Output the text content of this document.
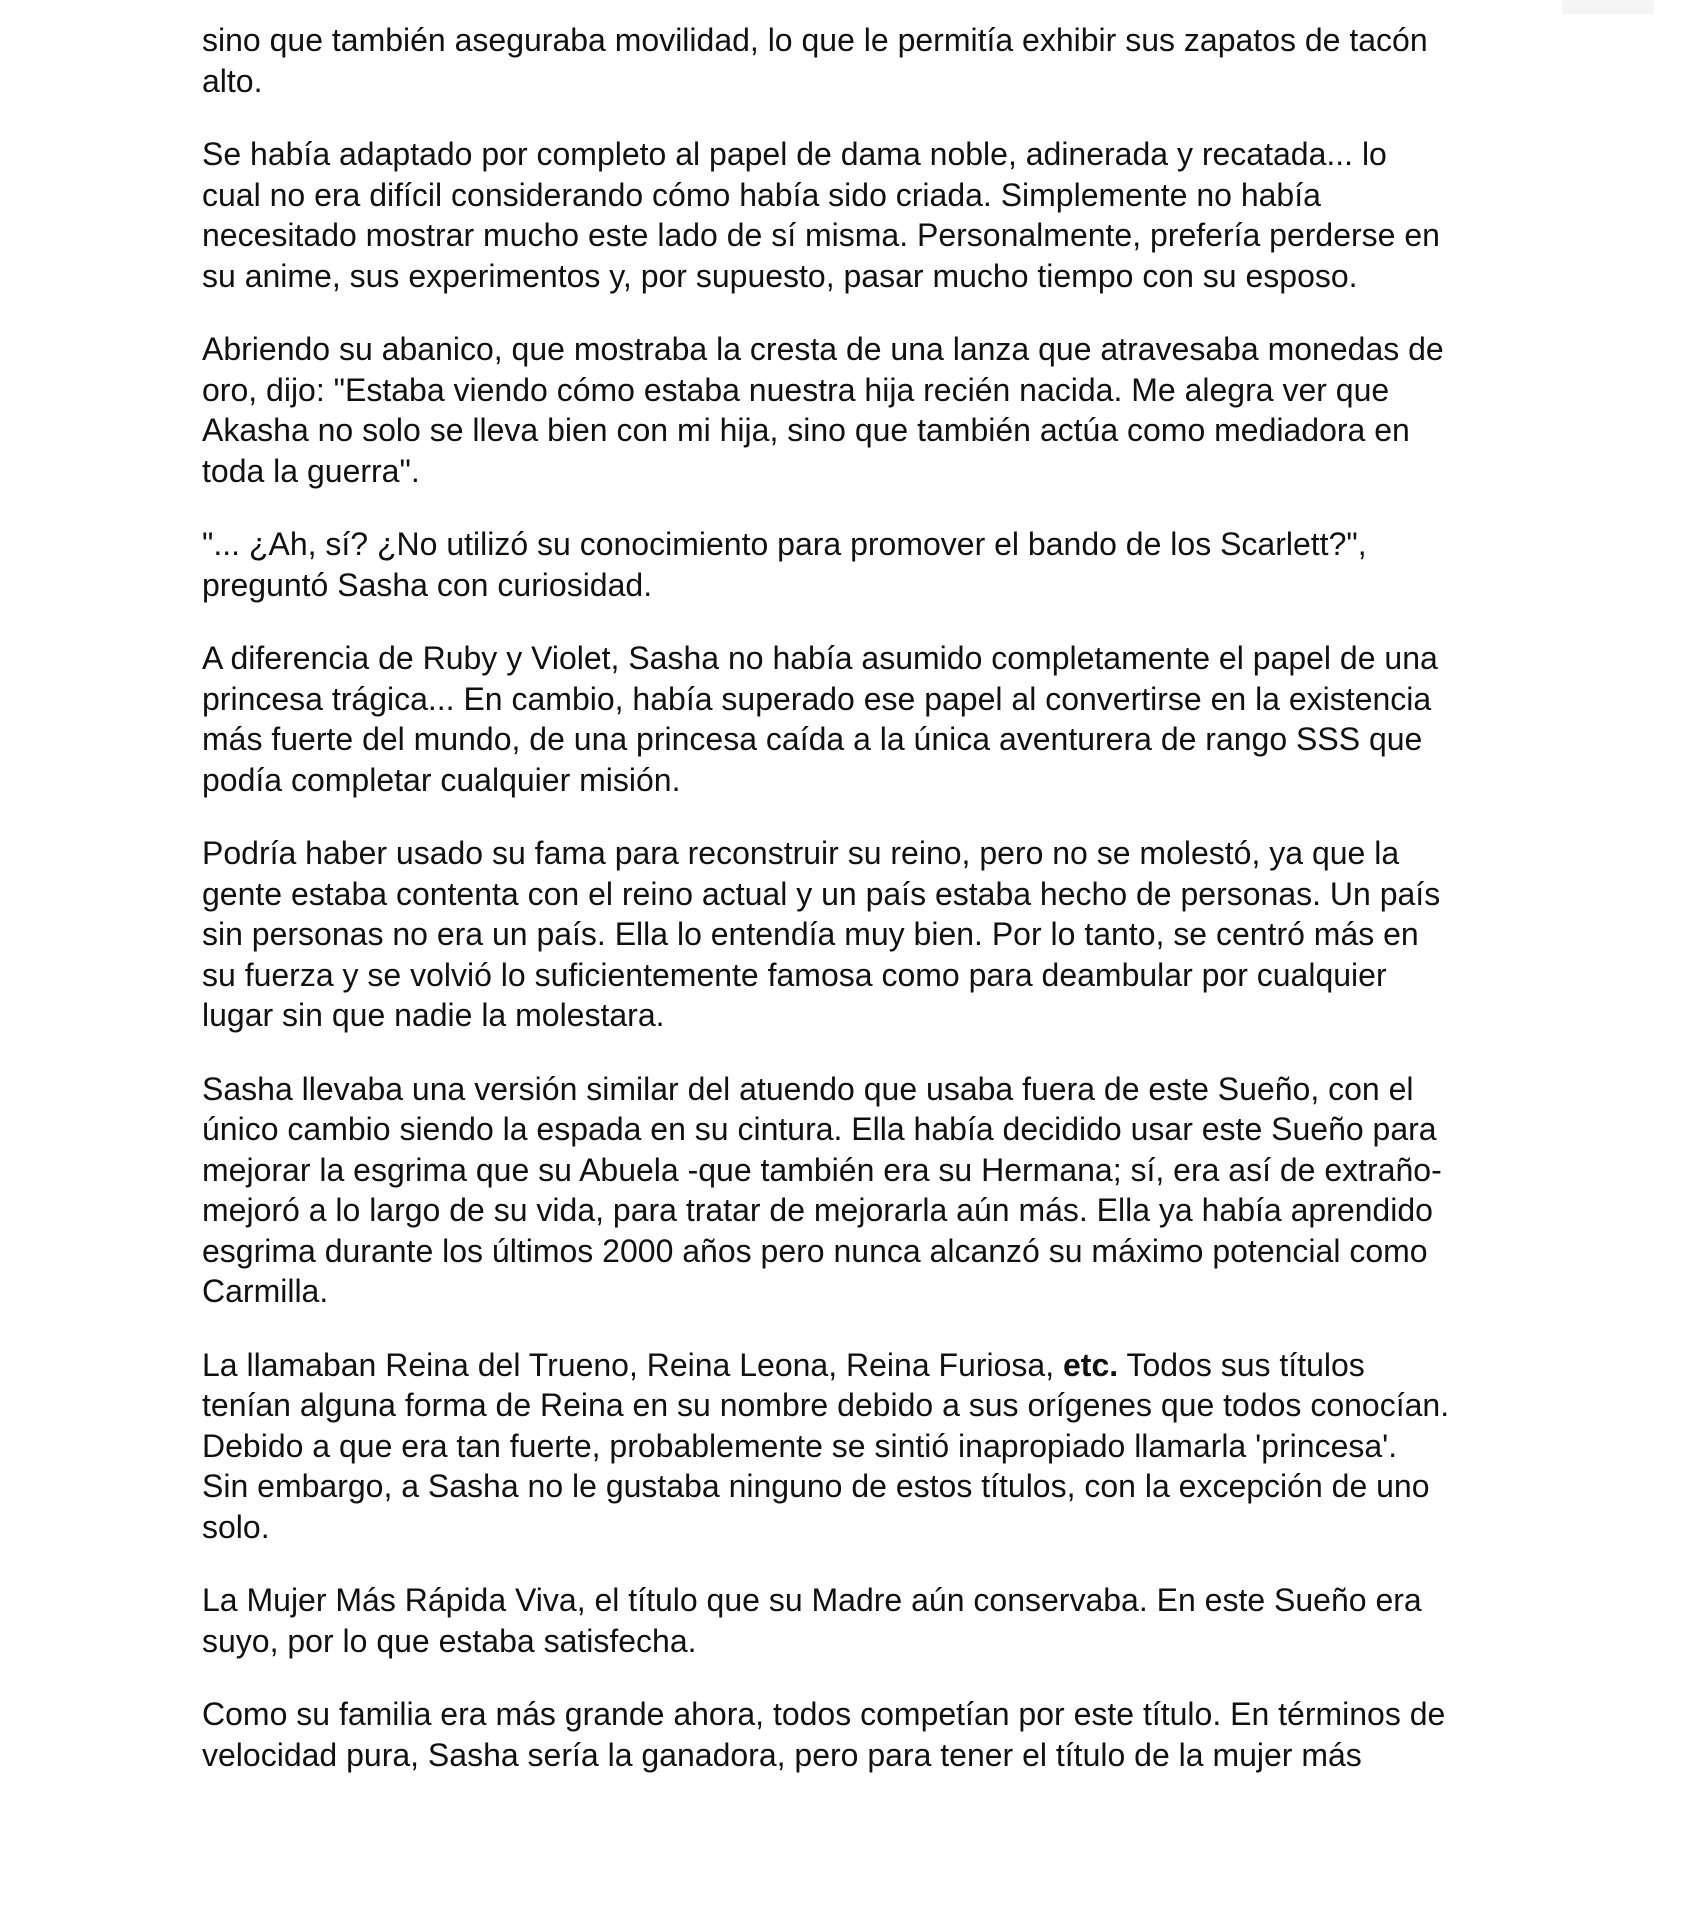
sino que también aseguraba movilidad, lo que le permitía exhibir sus zapatos de tacón
alto.

Se había adaptado por completo al papel de dama noble, adinerada y recatada... lo
cual no era difícil considerando cómo había sido criada. Simplemente no había
necesitado mostrar mucho este lado de sí misma. Personalmente, prefería perderse en
su anime, sus experimentos y, por supuesto, pasar mucho tiempo con su esposo.

Abriendo su abanico, que mostraba la cresta de una lanza que atravesaba monedas de
oro, dijo: "Estaba viendo cómo estaba nuestra hija recién nacida. Me alegra ver que
Akasha no solo se lleva bien con mi hija, sino que también actúa como mediadora en
toda la guerra".

"... ¿Ah, sí? ¿No utilizó su conocimiento para promover el bando de los Scarlett?",
preguntó Sasha con curiosidad.

A diferencia de Ruby y Violet, Sasha no había asumido completamente el papel de una
princesa trágica... En cambio, había superado ese papel al convertirse en la existencia
más fuerte del mundo, de una princesa caída a la única aventurera de rango SSS que
podía completar cualquier misión.

Podría haber usado su fama para reconstruir su reino, pero no se molestó, ya que la
gente estaba contenta con el reino actual y un país estaba hecho de personas. Un país
sin personas no era un país. Ella lo entendía muy bien. Por lo tanto, se centró más en
su fuerza y se volvió lo suficientemente famosa como para deambular por cualquier
lugar sin que nadie la molestara.

Sasha llevaba una versión similar del atuendo que usaba fuera de este Sueño, con el
único cambio siendo la espada en su cintura. Ella había decidido usar este Sueño para
mejorar la esgrima que su Abuela -que también era su Hermana; sí, era así de extraño-
mejoró a lo largo de su vida, para tratar de mejorarla aún más. Ella ya había aprendido
esgrima durante los últimos 2000 años pero nunca alcanzó su máximo potencial como
Carmilla.

La llamaban Reina del Trueno, Reina Leona, Reina Furiosa, etc. Todos sus títulos
tenían alguna forma de Reina en su nombre debido a sus orígenes que todos conocían.
Debido a que era tan fuerte, probablemente se sintió inapropiado llamarla 'princesa'.
Sin embargo, a Sasha no le gustaba ninguno de estos títulos, con la excepción de uno
solo.

La Mujer Más Rápida Viva, el título que su Madre aún conservaba. En este Sueño era
suyo, por lo que estaba satisfecha.

Como su familia era más grande ahora, todos competían por este título. En términos de
velocidad pura, Sasha sería la ganadora, pero para tener el título de la mujer más
